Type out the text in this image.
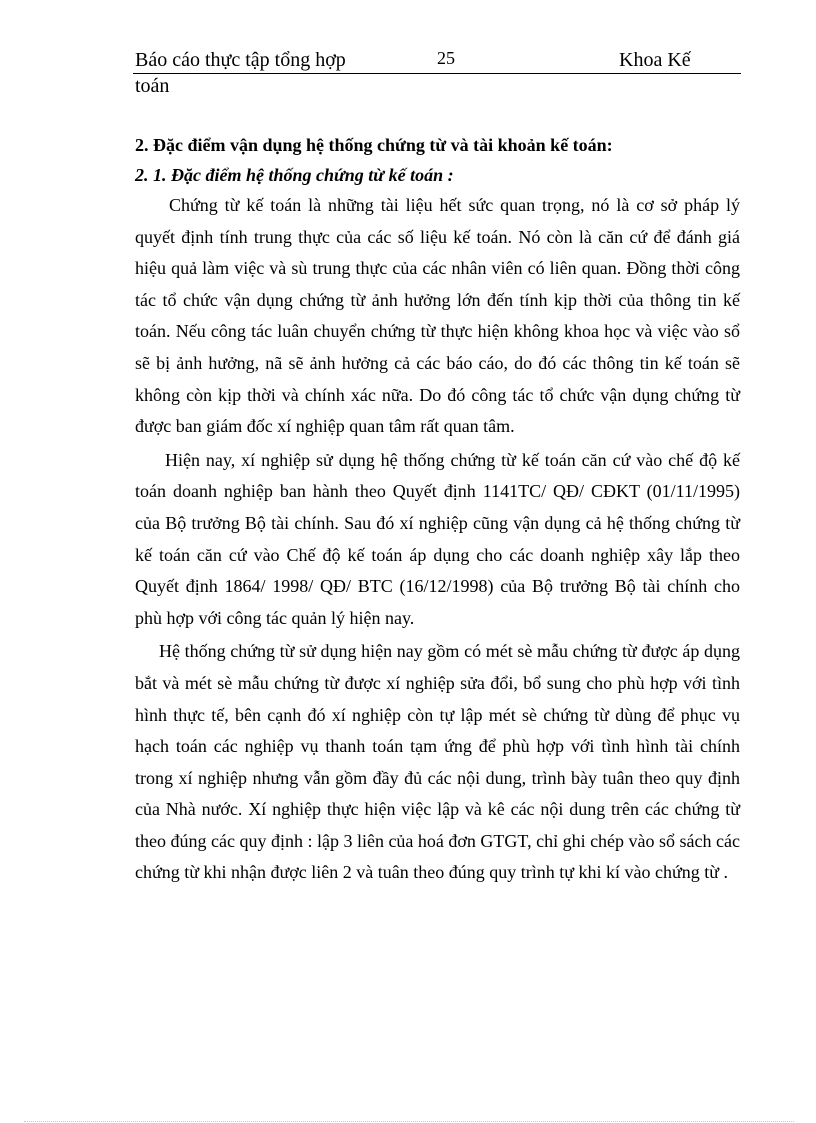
Báo cáo thực tập tổng hợp	25	Khoa Kế
toán

2. Đặc điểm vận dụng hệ thống chứng từ và tài khoản kế toán:

2. 1. Đặc điểm hệ thống chứng từ kế toán :

Chứng từ kế toán là những tài liệu hết sức quan trọng, nó là cơ sở pháp lý quyết định tính trung thực của các số liệu kế toán. Nó còn là căn cứ để đánh giá hiệu quả làm việc và sù trung thực của các nhân viên có liên quan. Đồng thời công tác tổ chức vận dụng chứng từ ảnh hưởng lớn đến tính kịp thời của thông tin kế toán. Nếu công tác luân chuyển chứng từ thực hiện không khoa học và việc vào sổ sẽ bị ảnh hưởng, nã sẽ ảnh hưởng cả các báo cáo, do đó các thông tin kế toán sẽ không còn kịp thời và chính xác nữa. Do đó công tác tổ chức vận dụng chứng từ được ban giám đốc xí nghiệp quan tâm rất quan tâm.

Hiện nay, xí nghiệp sử dụng hệ thống chứng từ kế toán căn cứ vào chế độ kế toán doanh nghiệp ban hành theo Quyết định 1141TC/ QĐ/ CĐKT (01/11/1995) của Bộ trưởng Bộ tài chính. Sau đó xí nghiệp cũng vận dụng cả hệ thống chứng từ kế toán căn cứ vào Chế độ kế toán áp dụng cho các doanh nghiệp xây lắp theo Quyết định 1864/ 1998/ QĐ/ BTC (16/12/1998) của Bộ trưởng Bộ tài chính cho phù hợp với công tác quản lý hiện nay.

Hệ thống chứng từ sử dụng hiện nay gồm có mét sè mẫu chứng từ được áp dụng bắt và mét sè mẫu chứng từ được xí nghiệp sửa đổi, bổ sung cho phù hợp với tình hình thực tế, bên cạnh đó xí nghiệp còn tự lập mét sè chứng từ dùng để phục vụ hạch toán các nghiệp vụ thanh toán tạm ứng để phù hợp với tình hình tài chính trong xí nghiệp nhưng vẫn gồm đầy đủ các nội dung, trình bày tuân theo quy định của Nhà nước. Xí nghiệp thực hiện việc lập và kê các nội dung trên các chứng từ theo đúng các quy định : lập 3 liên của hoá đơn GTGT, chỉ ghi chép vào sổ sách các chứng từ khi nhận được liên 2 và tuân theo đúng quy trình tự khi kí vào chứng từ .
